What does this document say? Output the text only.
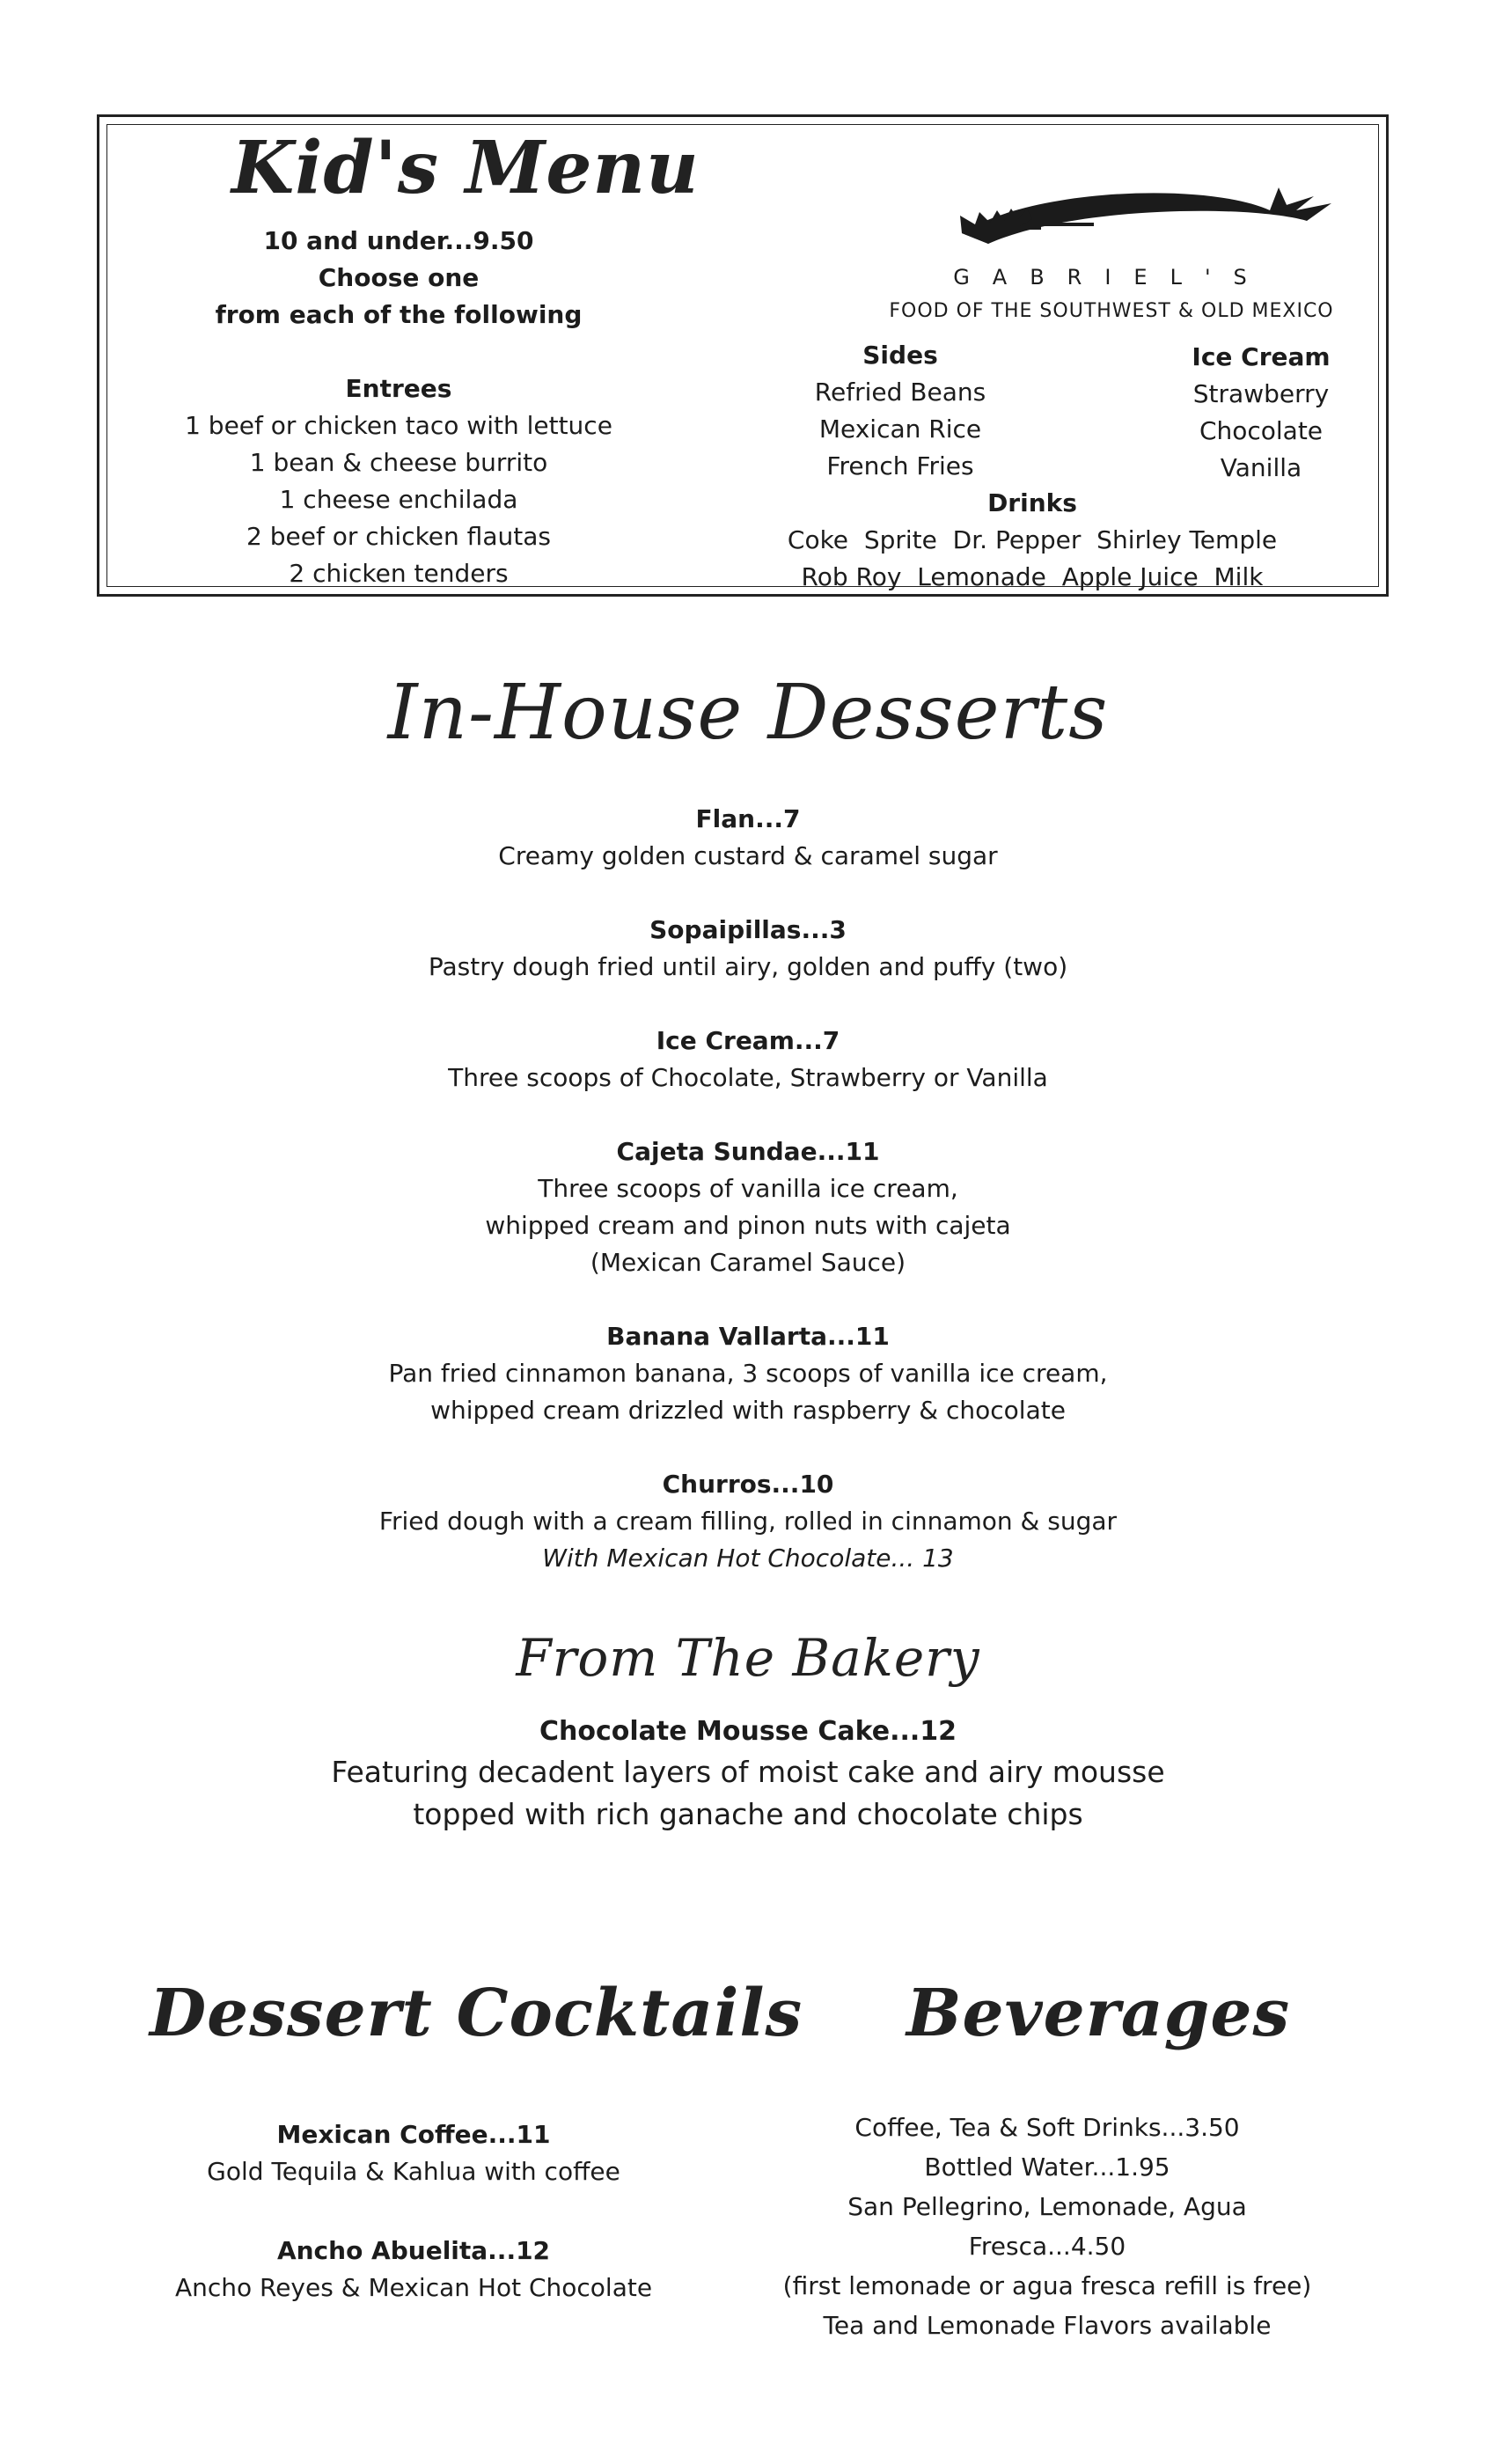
Kid's Menu
10 and under...9.50
Choose one
from each of the following
Entrees
1 beef or chicken taco with lettuce
1 bean & cheese burrito
1 cheese enchilada
2 beef or chicken flautas
2 chicken tenders
GABRIEL'S
FOOD OF THE SOUTHWEST & OLD MEXICO
Sides
Refried Beans
Mexican Rice
French Fries
Ice Cream
Strawberry
Chocolate
Vanilla
Drinks
Coke  Sprite  Dr. Pepper  Shirley Temple
Rob Roy  Lemonade  Apple Juice  Milk
In-House Desserts
Flan...7
Creamy golden custard & caramel sugar
Sopaipillas...3
Pastry dough fried until airy, golden and puffy (two)
Ice Cream...7
Three scoops of Chocolate, Strawberry or Vanilla
Cajeta Sundae...11
Three scoops of vanilla ice cream,
whipped cream and pinon nuts with cajeta
(Mexican Caramel Sauce)
Banana Vallarta...11
Pan fried cinnamon banana, 3 scoops of vanilla ice cream,
whipped cream drizzled with raspberry & chocolate
Churros...10
Fried dough with a cream filling, rolled in cinnamon & sugar
With Mexican Hot Chocolate... 13
From The Bakery
Chocolate Mousse Cake...12
Featuring decadent layers of moist cake and airy mousse
topped with rich ganache and chocolate chips
Dessert Cocktails
Mexican Coffee...11
Gold Tequila & Kahlua with coffee
Ancho Abuelita...12
Ancho Reyes & Mexican Hot Chocolate
Beverages
Coffee, Tea & Soft Drinks...3.50
Bottled Water...1.95
San Pellegrino, Lemonade, Agua Fresca...4.50
(first lemonade or agua fresca refill is free)
Tea and Lemonade Flavors available
